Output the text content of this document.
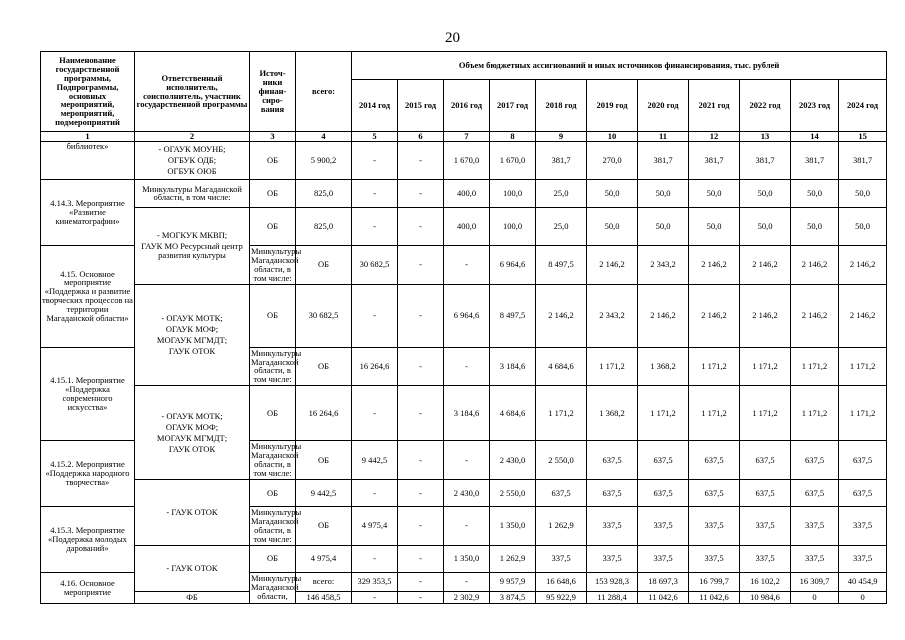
20
Наименование государственной программы, Подпрограммы, основных мероприятий, мероприятий, подмероприятий	Ответственный исполнитель, соисполнитель, участник государственной программы	Источ-ники финан-сиро-вания	всего:	Объем бюджетных ассигнований и иных источников финансирования, тыс. рублей											
				2014 год	2015 год	2016 год	2017 год	2018 год	2019 год	2020 год	2021 год	2022 год	2023 год	2024 год	
1	2	3	4	5	6	7	8	9	10	11	12	13	14	15	
библиотек»	- ОГАУК МОУНБ;
ОГБУК ОДБ;
ОГБУК ОЮБ	ОБ	5 900,2	-	-	1 670,0	1 670,0	381,7	270,0	381,7	381,7	381,7	381,7	381,7	
4.14.3. Мероприятие «Развитие кинематографии»	Минкультуры Магаданской области, в том числе:	ОБ	825,0	-	-	400,0	100,0	25,0	50,0	50,0	50,0	50,0	50,0	50,0	

	- МОГКУК МКВП;
ГАУК МО Ресурсный центр развития культуры	ОБ	825,0	-	-	400,0	100,0	25,0	50,0	50,0	50,0	50,0	50,0	50,0	
4.15. Основное мероприятие «Поддержка и развитие творческих процессов на территории Магаданской области»		Минкультуры Магаданской области, в том числе:	ОБ	30 682,5	-	-	6 964,6	8 497,5	2 146,2	2 343,2	2 146,2	2 146,2	2 146,2	2 146,2	

	- ОГАУК МОТК;
ОГАУК МОФ;
МОГАУК МГМДТ;
ГАУК ОТОК	ОБ	30 682,5	-	-	6 964,6	8 497,5	2 146,2	2 343,2	2 146,2	2 146,2	2 146,2	2 146,2	2 146,2	
4.15.1. Мероприятие «Поддержка современного искусства»		Минкультуры Магаданской области, в том числе:	ОБ	16 264,6	-	-	3 184,6	4 684,6	1 171,2	1 368,2	1 171,2	1 171,2	1 171,2	1 171,2	

	- ОГАУК МОТК;
ОГАУК МОФ;
МОГАУК МГМДТ;
ГАУК ОТОК	ОБ	16 264,6	-	-	3 184,6	4 684,6	1 171,2	1 368,2	1 171,2	1 171,2	1 171,2	1 171,2	1 171,2	
4.15.2. Мероприятие «Поддержка народного творчества»		Минкультуры Магаданской области, в том числе:	ОБ	9 442,5	-	-	2 430,0	2 550,0	637,5	637,5	637,5	637,5	637,5	637,5	

	- ГАУК ОТОК	ОБ	9 442,5	-	-	2 430,0	2 550,0	637,5	637,5	637,5	637,5	637,5	637,5	637,5	
4.15.3. Мероприятие «Поддержка молодых дарований»		Минкультуры Магаданской области, в том числе:	ОБ	4 975,4	-	-	1 350,0	1 262,9	337,5	337,5	337,5	337,5	337,5	337,5	

	- ГАУК ОТОК	ОБ	4 975,4	-	-	1 350,0	1 262,9	337,5	337,5	337,5	337,5	337,5	337,5	337,5	
4.16. Основное мероприятие		Минкультуры Магаданской области,	всего:	329 353,5	-	-	9 957,9	16 648,6	153 928,3	18 697,3	16 799,7	16 102,2	16 309,7	40 454,9	
	ФБ		146 458,5	-	-	2 302,9	3 874,5	95 922,9	11 288,4	11 042,6	11 042,6	10 984,6	0	0	
